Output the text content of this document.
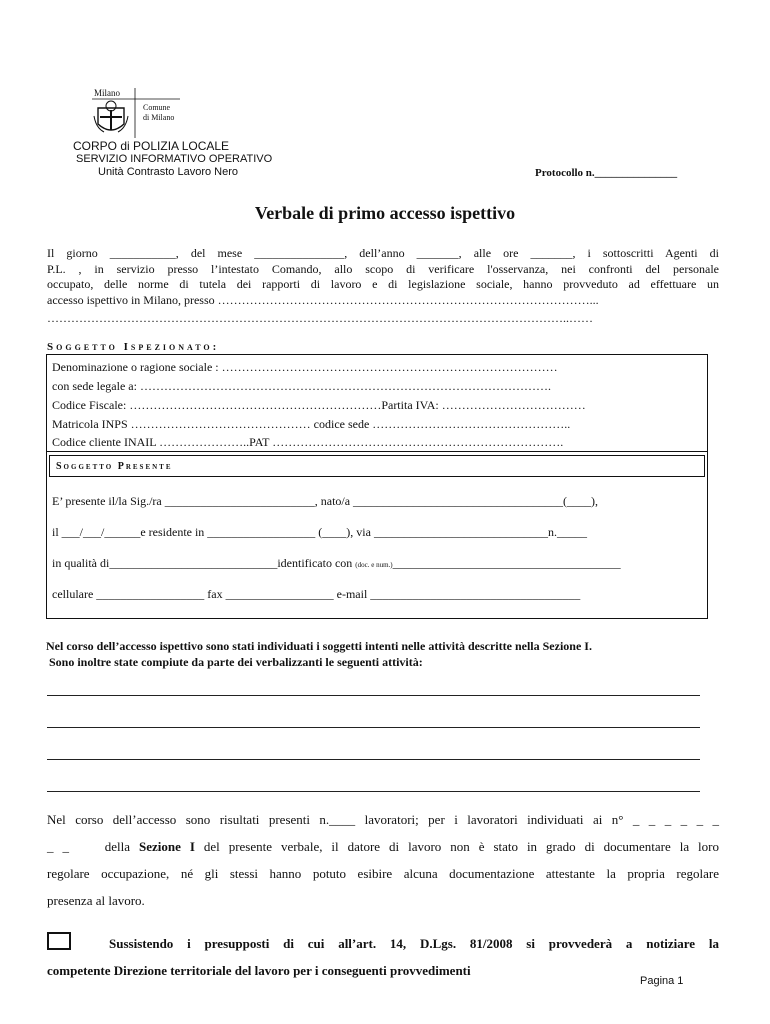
Milano
Comune
di Milano
CORPO di POLIZIA LOCALE
SERVIZIO INFORMATIVO OPERATIVO
Unità Contrasto Lavoro Nero	Protocollo n._______________
Verbale di primo accesso ispettivo
Il giorno ___________, del mese _______________, dell’anno _______, alle ore _______, i sottoscritti Agenti di
P.L. , in servizio presso l’intestato Comando, allo scopo di verificare l'osservanza, nei confronti del personale
occupato, delle norme di tutela dei rapporti di lavoro e di legislazione sociale, hanno provveduto ad effettuare un
accesso ispettivo in Milano, presso …………………………………………………………………………………...
…………………………………………………………………………………………………………………..……
Soggetto Ispezionato:
Denominazione o ragione sociale : …………………………………………………………………………
con sede legale a: ………………………………………………………………………………………….
Codice Fiscale: ………………………………………………………Partita IVA: ………………………………
Matricola INPS ……………………………………… codice sede …………………………………………..
Codice cliente INAIL …………………..PAT ……………………………………………………………….
Soggetto Presente
E’ presente il/la Sig./ra _________________________, nato/a ___________________________________(____),
il ___/___/______e residente in __________________ (____), via _____________________________n._____
in qualità di____________________________identificato con (doc. e num.)______________________________________
cellulare __________________ fax __________________ e-mail ___________________________________
Nel corso dell’accesso ispettivo sono stati individuati i soggetti intenti nelle attività descritte nella Sezione I.
Sono inoltre state compiute da parte dei verbalizzanti le seguenti attività:
Nel corso dell’accesso sono risultati presenti n.____ lavoratori; per i lavoratori individuati ai n° _ _ _ _ _ _
_ _    della Sezione I del presente verbale, il datore di lavoro non è stato in grado di documentare la loro
regolare occupazione, né gli stessi hanno potuto esibire alcuna documentazione attestante la propria regolare
presenza al lavoro.
Sussistendo i presupposti di cui all’art. 14, D.Lgs. 81/2008 si provvederà a notiziare la
competente Direzione territoriale del lavoro per i conseguenti provvedimenti
Pagina 1
